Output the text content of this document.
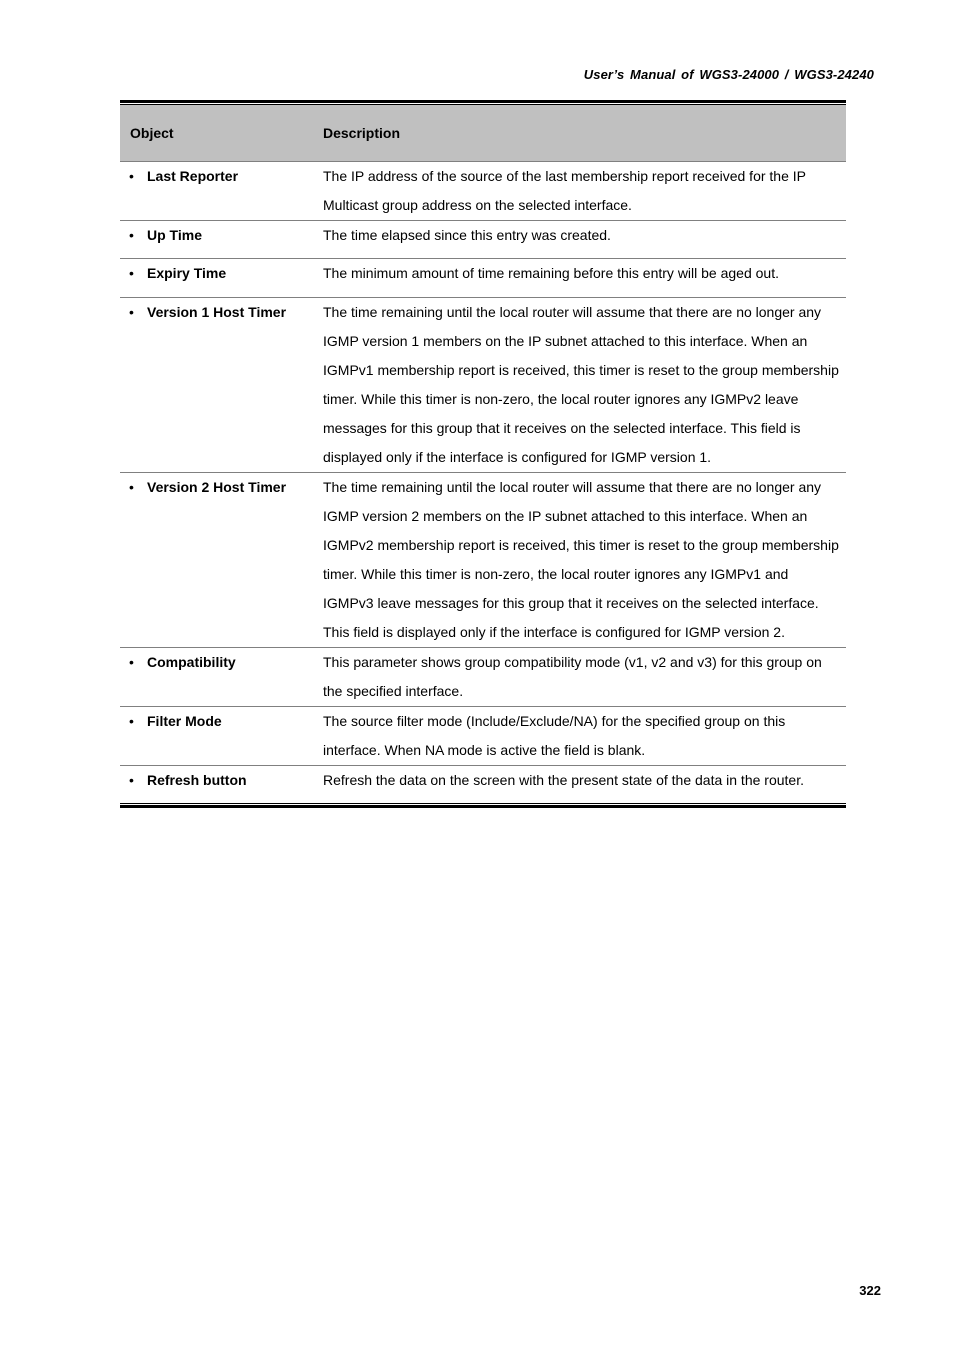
User’s Manual of WGS3-24000 / WGS3-24240
Object	Description
• Last Reporter	The IP address of the source of the last membership report received for the IP Multicast group address on the selected interface.
• Up Time	The time elapsed since this entry was created.
• Expiry Time	The minimum amount of time remaining before this entry will be aged out.
• Version 1 Host Timer	The time remaining until the local router will assume that there are no longer any IGMP version 1 members on the IP subnet attached to this interface. When an IGMPv1 membership report is received, this timer is reset to the group membership timer. While this timer is non-zero, the local router ignores any IGMPv2 leave messages for this group that it receives on the selected interface. This field is displayed only if the interface is configured for IGMP version 1.
• Version 2 Host Timer	The time remaining until the local router will assume that there are no longer any IGMP version 2 members on the IP subnet attached to this interface. When an IGMPv2 membership report is received, this timer is reset to the group membership timer. While this timer is non-zero, the local router ignores any IGMPv1 and IGMPv3 leave messages for this group that it receives on the selected interface. This field is displayed only if the interface is configured for IGMP version 2.
• Compatibility	This parameter shows group compatibility mode (v1, v2 and v3) for this group on the specified interface.
• Filter Mode	The source filter mode (Include/Exclude/NA) for the specified group on this interface. When NA mode is active the field is blank.
• Refresh button	Refresh the data on the screen with the present state of the data in the router.
322
